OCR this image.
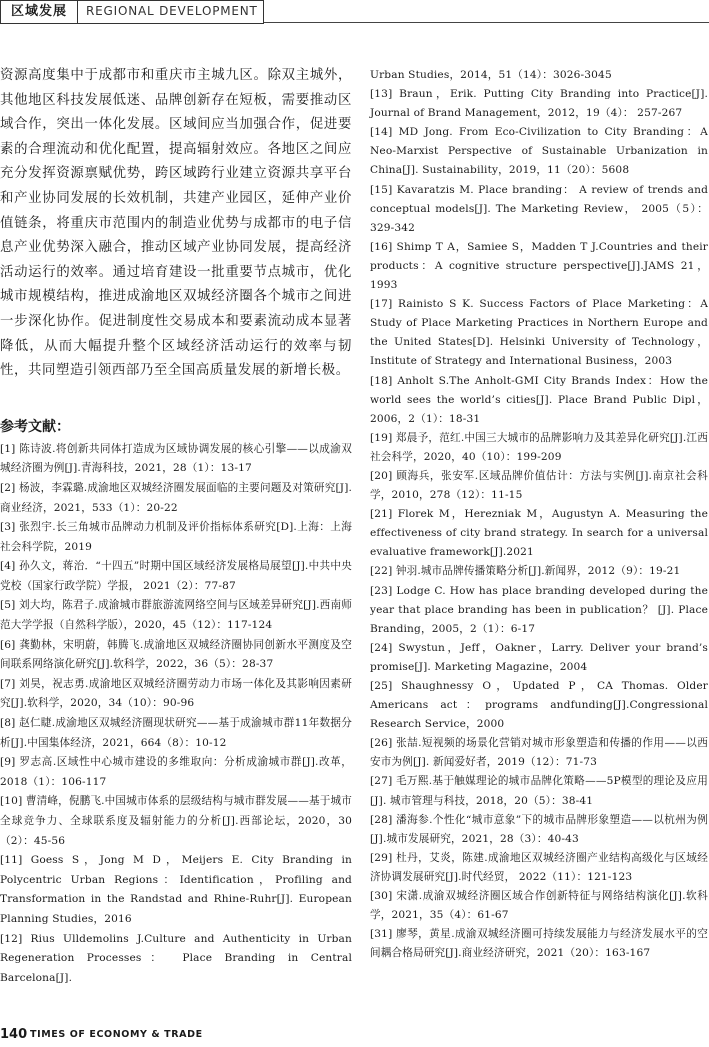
区域发展	REGIONAL DEVELOPMENT

资源高度集中于成都市和重庆市主城九区。除双主城外，其他地区科技发展低迷、品牌创新存在短板，需要推动区域合作，突出一体化发展。区域间应当加强合作，促进要素的合理流动和优化配置，提高辐射效应。各地区之间应充分发挥资源禀赋优势，跨区域跨行业建立资源共享平台和产业协同发展的长效机制，共建产业园区，延伸产业价值链条，将重庆市范围内的制造业优势与成都市的电子信息产业优势深入融合，推动区域产业协同发展，提高经济活动运行的效率。通过培育建设一批重要节点城市，优化城市规模结构，推进成渝地区双城经济圈各个城市之间进一步深化协作。促进制度性交易成本和要素流动成本显著降低，从而大幅提升整个区域经济活动运行的效率与韧性，共同塑造引领西部乃至全国高质量发展的新增长极。

参考文献：

[1] 陈诗波.将创新共同体打造成为区域协调发展的核心引擎——以成渝双城经济圈为例[J].青海科技，2021，28（1）：13-17

[2] 杨波，李霖璐.成渝地区双城经济圈发展面临的主要问题及对策研究[J].商业经济，2021，533（1）：20-22

[3] 张烈宇.长三角城市品牌动力机制及评价指标体系研究[D].上海：上海社会科学院，2019

[4] 孙久文，蒋治．“十四五”时期中国区域经济发展格局展望[J].中共中央党校（国家行政学院）学报， 2021（2）：77-87

[5] 刘大均，陈君子.成渝城市群旅游流网络空间与区域差异研究[J].西南师范大学学报（自然科学版），2020，45（12）：117-124

[6] 龚勤林，宋明蔚，韩腾飞.成渝地区双城经济圈协同创新水平测度及空间联系网络演化研究[J].软科学，2022，36（5）：28-37

[7] 刘昊，祝志勇.成渝地区双城经济圈劳动力市场一体化及其影响因素研究[J].软科学，2020，34（10）：90-96

[8] 赵仁睫.成渝地区双城经济圈现状研究——基于成渝城市群11年数据分析[J].中国集体经济，2021，664（8）：10-12

[9] 罗志高.区域性中心城市建设的多维取向：分析成渝城市群[J].改革，2018（1）：106-117

[10] 曹清峰，倪鹏飞.中国城市体系的层级结构与城市群发展——基于城市全球竞争力、全球联系度及辐射能力的分析[J].西部论坛，2020，30（2）：45-56

[11] Goess S，Jong M D，Meijers E. City Branding in Polycentric Urban Regions：Identification，Profiling and Transformation in the Randstad and Rhine-Ruhr[J]. European Planning Studies，2016

[12] Rius Ulldemolins J.Culture and Authenticity in Urban Regeneration Processes： Place Branding in Central Barcelona[J].

Urban Studies，2014，51（14）：3026-3045

[13] Braun，Erik. Putting City Branding into Practice[J]. Journal of Brand Management，2012，19（4）： 257-267

[14] MD Jong. From Eco-Civilization to City Branding：A Neo-Marxist Perspective of Sustainable Urbanization in China[J]. Sustainability，2019，11（20）：5608

[15] Kavaratzis M. Place branding： A review of trends and conceptual models[J]. The Marketing Review， 2005（5）：329-342

[16] Shimp T A，Samiee S，Madden T J.Countries and their products：A cognitive structure perspective[J].JAMS 21，1993

[17] Rainisto S K. Success Factors of Place Marketing：A Study of Place Marketing Practices in Northern Europe and the United States[D]. Helsinki University of Technology，Institute of Strategy and International Business，2003

[18] Anholt S.The Anholt-GMI City Brands Index：How the world sees the world’s cities[J]. Place Brand Public Dipl，2006，2（1）：18-31

[19] 郑晨予，范红.中国三大城市的品牌影响力及其差异化研究[J].江西社会科学，2020，40（10）：199-209

[20] 顾海兵，张安军.区域品牌价值估计：方法与实例[J].南京社会科学，2010，278（12）：11-15

[21] Florek M，Herezniak M，Augustyn A. Measuring the effectiveness of city brand strategy. In search for a universal evaluative framework[J].2021

[22] 钟羽.城市品牌传播策略分析[J].新闻界，2012（9）：19-21

[23] Lodge C. How has place branding developed during the year that place branding has been in publication？ [J]. Place Branding，2005，2（1）：6-17

[24] Swystun，Jeff，Oakner，Larry. Deliver your brand’s promise[J]. Marketing Magazine，2004

[25] Shaughnessy O，Updated P，CA Thomas. Older Americans act：programs andfunding[J].Congressional Research Service，2000

[26] 张喆.短视频的场景化营销对城市形象塑造和传播的作用——以西安市为例[J]. 新闻爱好者，2019（12）：71-73

[27] 毛万熙.基于触媒理论的城市品牌化策略——5P模型的理论及应用[J]. 城市管理与科技，2018，20（5）：38-41

[28] 潘海参.个性化“城市意象”下的城市品牌形象塑造——以杭州为例[J].城市发展研究，2021，28（3）：40-43

[29] 杜丹，艾炎，陈建.成渝地区双城经济圈产业结构高级化与区域经济协调发展研究[J].时代经贸， 2022（11）：121-123

[30] 宋潇.成渝双城经济圈区域合作创新特征与网络结构演化[J].软科学，2021，35（4）：61-67

[31] 廖琴，黄星.成渝双城经济圈可持续发展能力与经济发展水平的空间耦合格局研究[J].商业经济研究，2021（20）：163-167

140 TIMES OF ECONOMY & TRADE
